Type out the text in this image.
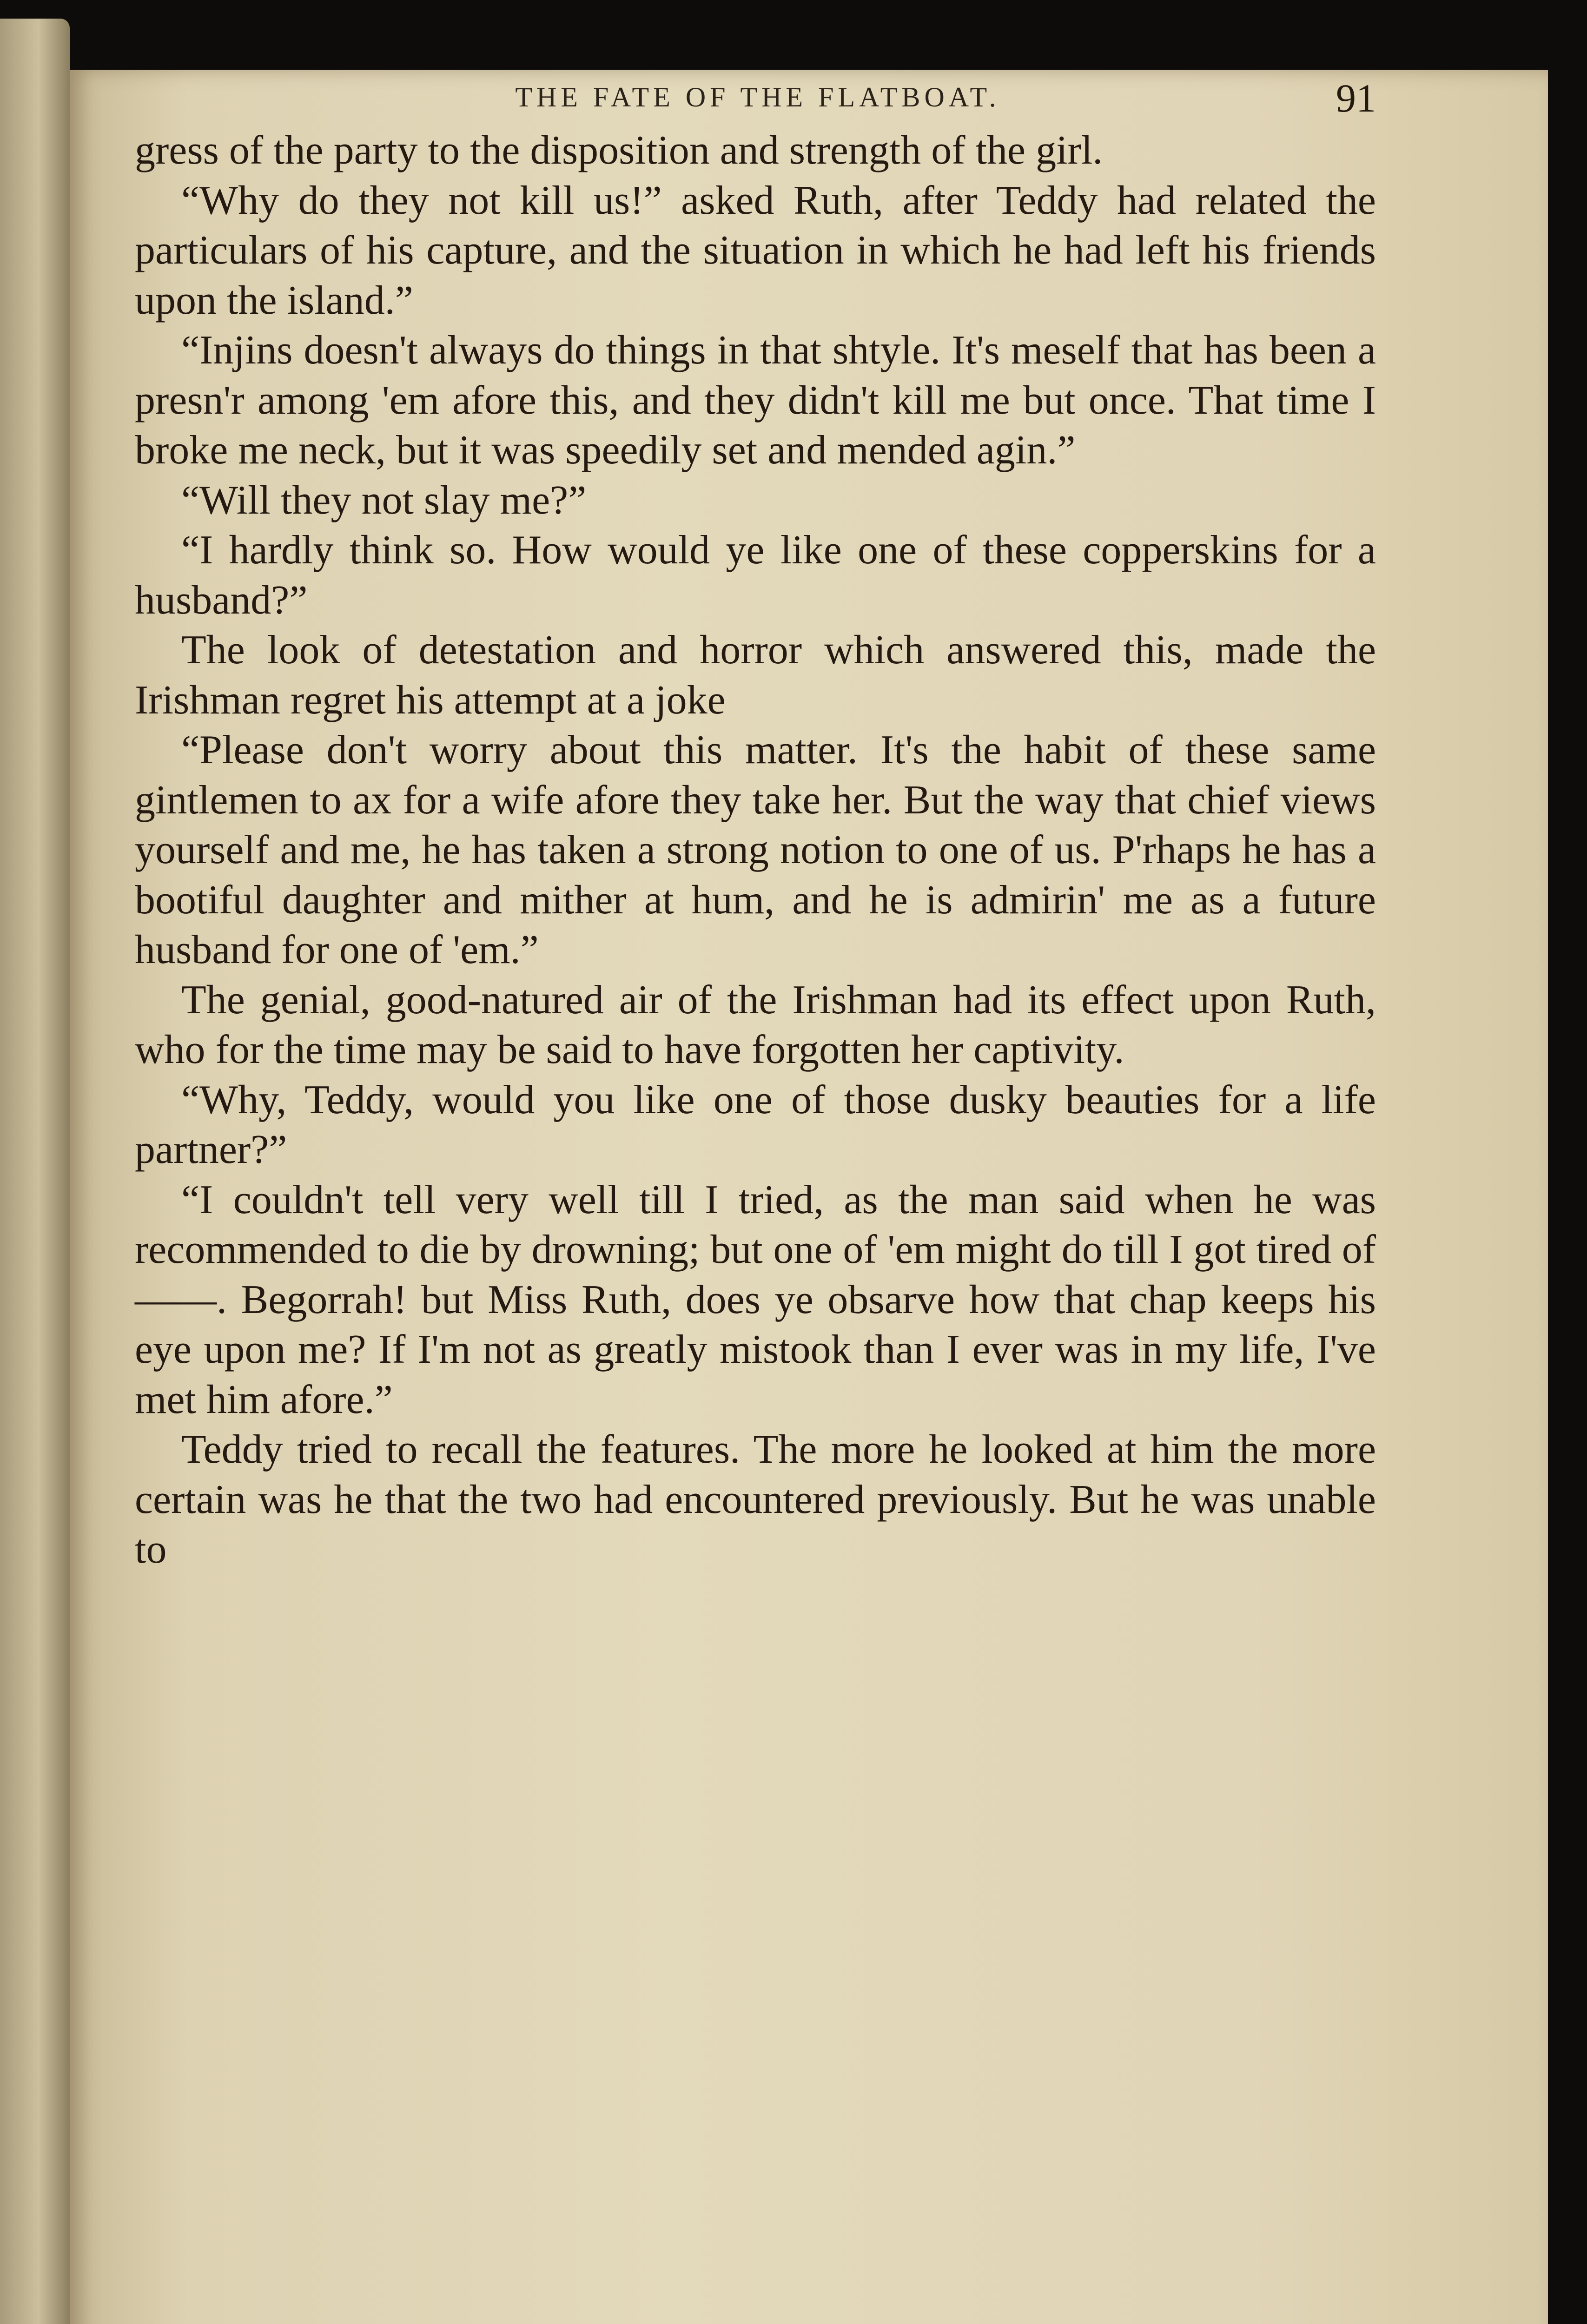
THE FATE OF THE FLATBOAT.	91

gress of the party to the disposition and strength of the girl.

“Why do they not kill us!” asked Ruth, after Teddy had related the particulars of his capture, and the situation in which he had left his friends upon the island.”

“Injins doesn't always do things in that shtyle. It's meself that has been a presn'r among 'em afore this, and they didn't kill me but once. That time I broke me neck, but it was speedily set and mended agin.”

“Will they not slay me?”

“I hardly think so. How would ye like one of these copperskins for a husband?”

The look of detestation and horror which answered this, made the Irishman regret his attempt at a joke

“Please don't worry about this matter. It's the habit of these same gintlemen to ax for a wife afore they take her. But the way that chief views yourself and me, he has taken a strong notion to one of us. P'rhaps he has a bootiful daughter and mither at hum, and he is admirin' me as a future husband for one of 'em.”

The genial, good-natured air of the Irishman had its effect upon Ruth, who for the time may be said to have forgotten her captivity.

“Why, Teddy, would you like one of those dusky beauties for a life partner?”

“I couldn't tell very well till I tried, as the man said when he was recommended to die by drowning; but one of 'em might do till I got tired of——. Begorrah! but Miss Ruth, does ye obsarve how that chap keeps his eye upon me? If I'm not as greatly mistook than I ever was in my life, I've met him afore.”

Teddy tried to recall the features. The more he looked at him the more certain was he that the two had encountered previously. But he was unable to
